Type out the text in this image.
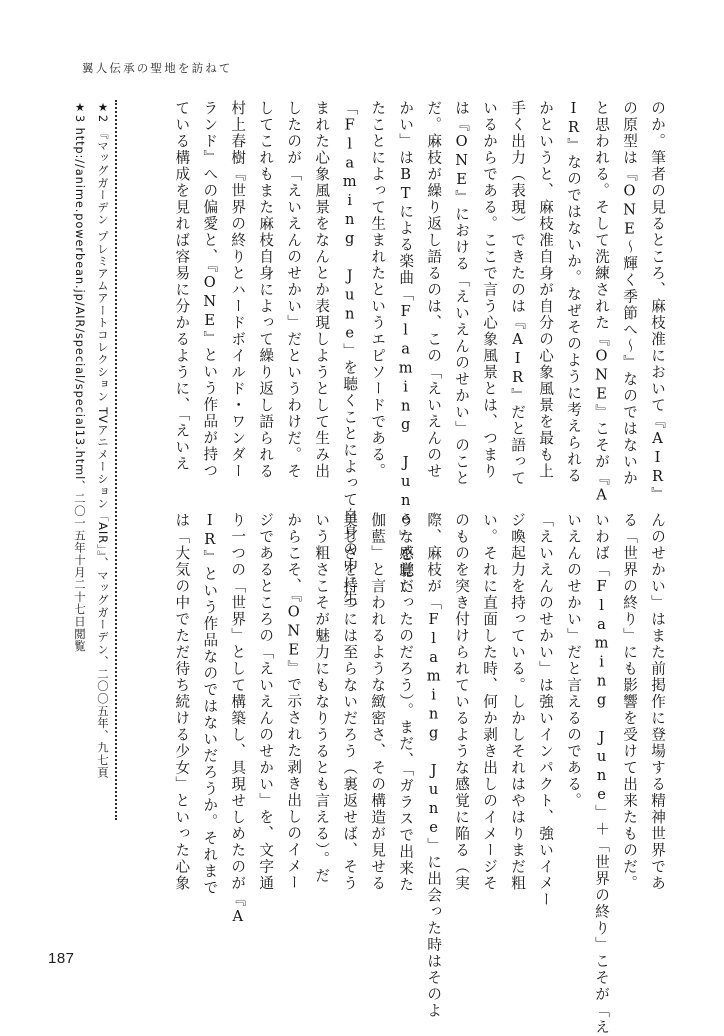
翼人伝承の聖地を訪ねて
のか。筆者の見るところ、麻枝准において『AIR』
の原型は『ONE〜輝く季節へ〜』なのではないか
と思われる。そして洗練された『ONE』こそが『A
IR』なのではないか。なぜそのように考えられる
かというと、麻枝准自身が自分の心象風景を最も上
手く出力（表現）できたのは『AIR』だと語って
いるからである。ここで言う心象風景とは、つまり
は『ONE』における「えいえんのせかい」のこと
だ。麻枝が繰り返し語るのは、この「えいえんのせ
かい」はBTによる楽曲「Flaming June」を聴い
たことによって生まれたというエピソードである。
「Flaming June」を聴くことによって自身の中に生
まれた心象風景をなんとか表現しようとして生み出
したのが「えいえんのせかい」だというわけだ。そ
してこれもまた麻枝自身によって繰り返し語られる
村上春樹『世界の終りとハードボイルド・ワンダー
ランド』への偏愛と、『ONE』という作品が持つ
ている構成を見れば容易に分かるように、「えいえ
んのせかい」はまた前掲作に登場する精神世界であ
る「世界の終り」にも影響を受けて出来たものだ。
いわば「Flaming June」＋「世界の終り」こそが「え
いえんのせかい」だと言えるのである。
「えいえんのせかい」は強いインパクト、強いイメー
ジ喚起力を持っている。しかしそれはやはりまだ粗
い。それに直面した時、何か剥き出しのイメージそ
のものを突き付けられているような感覚に陥る（実
際、麻枝が「Flaming June」に出会った時はそのよ
うな感覚だったのだろう）。まだ、「ガラスで出来た
伽藍」と言われるような緻密さ、その構造が見せる
美しさを持つには至らないだろう（裏返せば、そう
いう粗さこそが魅力にもなりうるとも言える）。だ
からこそ、『ONE』で示された剥き出しのイメー
ジであるところの「えいえんのせかい」を、文字通
り一つの「世界」として構築し、具現せしめたのが『A
IR』という作品なのではないだろうか。それまで
は「大気の中でただ待ち続ける少女」といった心象
★2 『マッグガーデン プレミアムアートコレクション TVアニメーション「AIR」』、マッグガーデン、二〇〇五年、九七頁
★3 http://anime.powerbean.jp/AIR/special/special13.html、二〇一五年十月二十七日閲覧
187
